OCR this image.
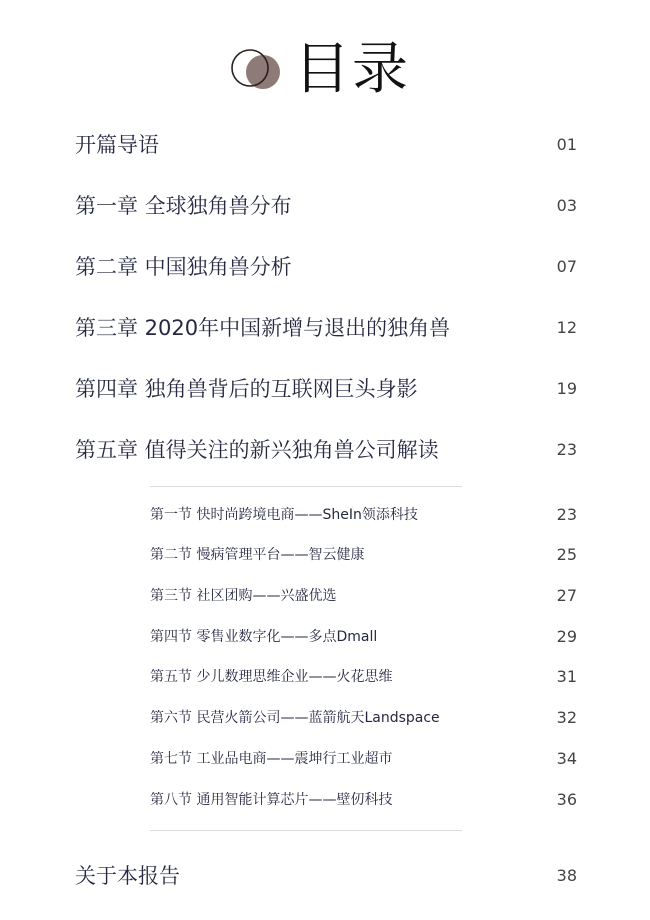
目录
开篇导语	01
第一章 全球独角兽分布	03
第二章 中国独角兽分析	07
第三章 2020年中国新增与退出的独角兽	12
第四章 独角兽背后的互联网巨头身影	19
第五章 值得关注的新兴独角兽公司解读	23
第一节 快时尚跨境电商——SheIn领添科技	23
第二节 慢病管理平台——智云健康	25
第三节 社区团购——兴盛优选	27
第四节 零售业数字化——多点Dmall	29
第五节 少儿数理思维企业——火花思维	31
第六节 民营火箭公司——蓝箭航天Landspace	32
第七节 工业品电商——震坤行工业超市	34
第八节 通用智能计算芯片——壁仞科技	36
关于本报告	38
